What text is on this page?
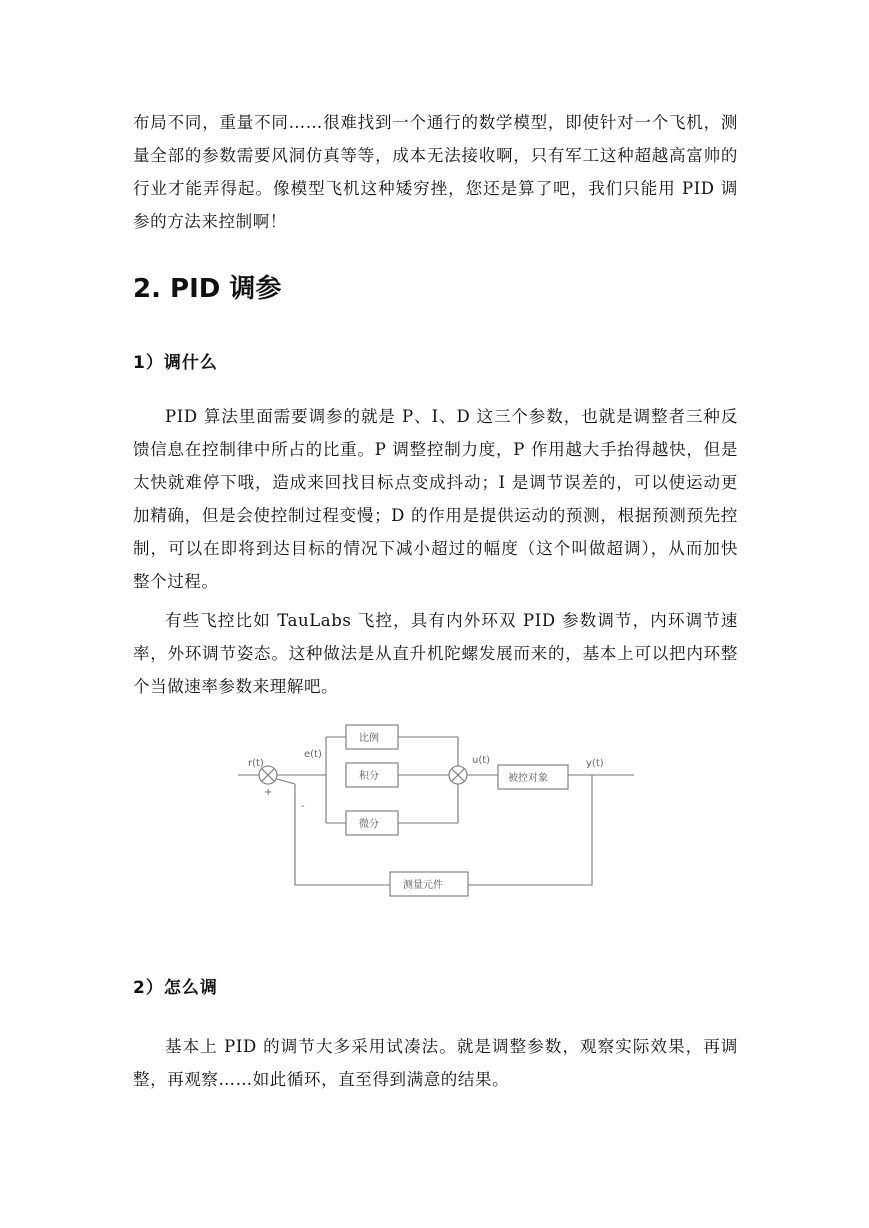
布局不同，重量不同……很难找到一个通行的数学模型，即使针对一个飞机，测量全部的参数需要风洞仿真等等，成本无法接收啊，只有军工这种超越高富帅的行业才能弄得起。像模型飞机这种矮穷挫，您还是算了吧，我们只能用 PID 调参的方法来控制啊！

2. PID 调参
1）调什么

PID 算法里面需要调参的就是 P、I、D 这三个参数，也就是调整者三种反馈信息在控制律中所占的比重。P 调整控制力度，P 作用越大手抬得越快，但是太快就难停下哦，造成来回找目标点变成抖动；I 是调节误差的，可以使运动更加精确，但是会使控制过程变慢；D 的作用是提供运动的预测，根据预测预先控制，可以在即将到达目标的情况下减小超过的幅度（这个叫做超调），从而加快整个过程。

有些飞控比如 TauLabs 飞控，具有内外环双 PID 参数调节，内环调节速率，外环调节姿态。这种做法是从直升机陀螺发展而来的，基本上可以把内环整个当做速率参数来理解吧。

r(t)
+
-
e(t)
比例
积分
微分
u(t)
被控对象
y(t)
测量元件
2）怎么调

基本上 PID 的调节大多采用试凑法。就是调整参数，观察实际效果，再调整，再观察……如此循环，直至得到满意的结果。
